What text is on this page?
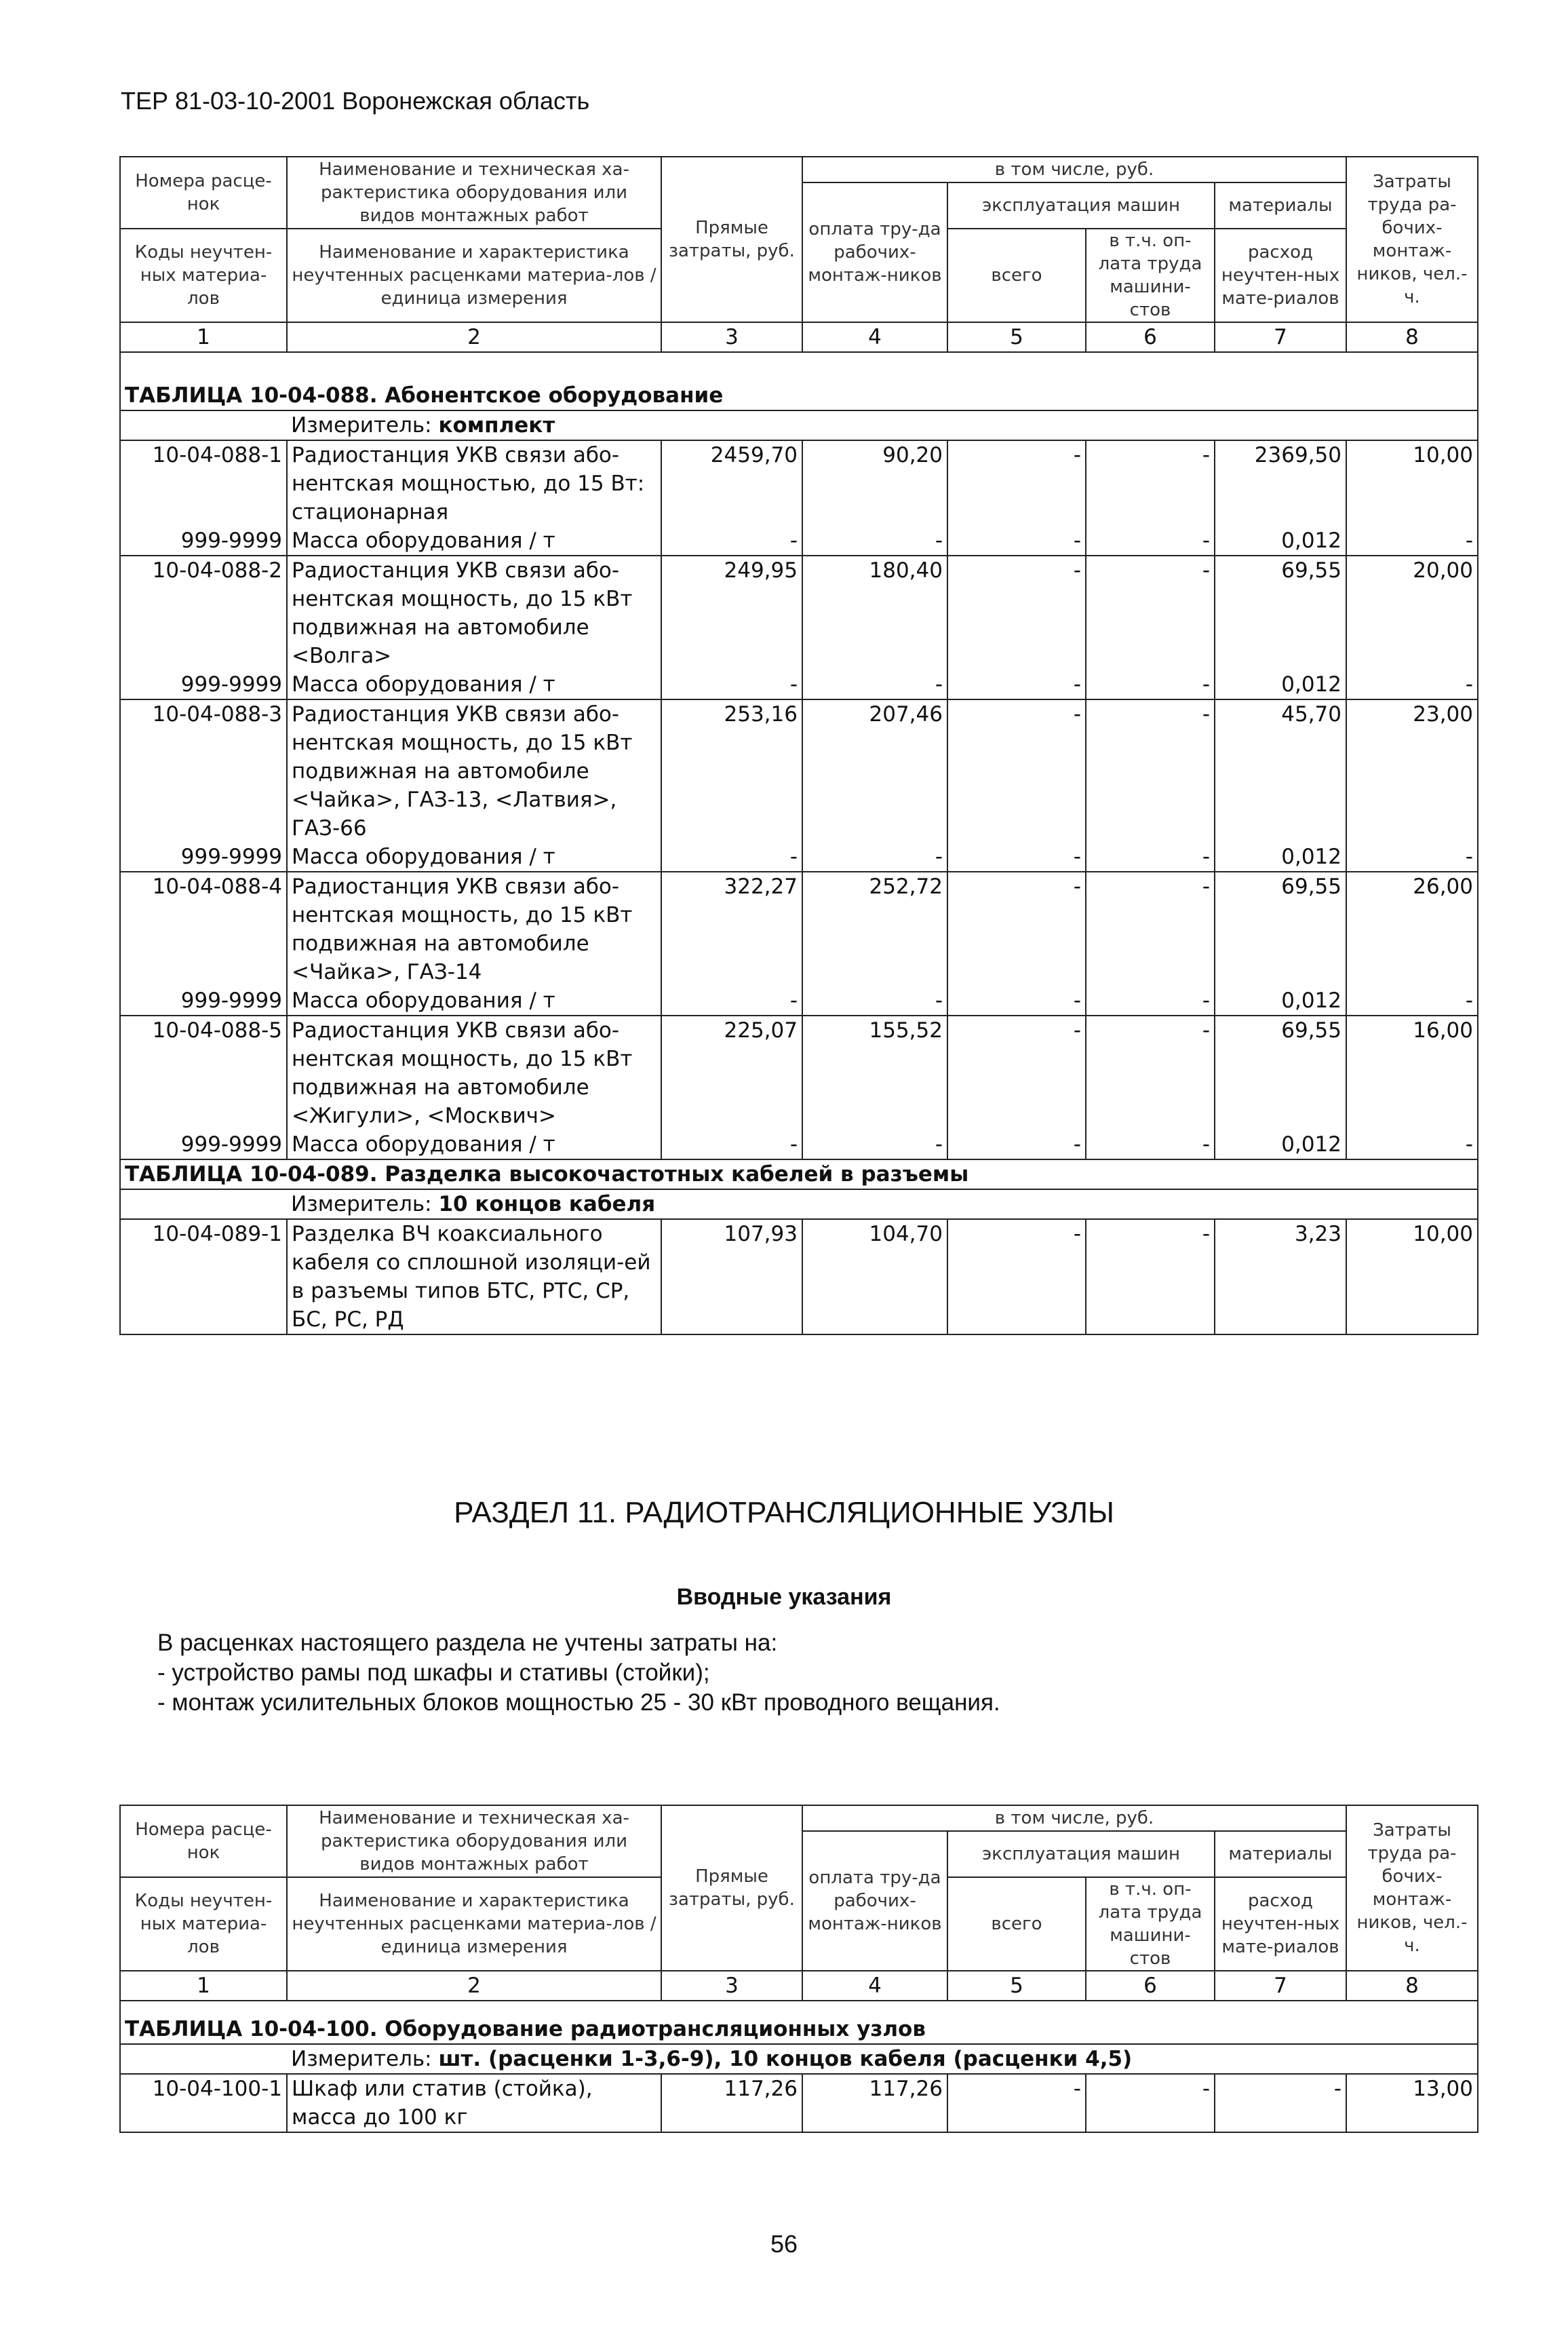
ТЕР 81-03-10-2001 Воронежская область
Номера расце-нок	Наименование и техническая ха-рактеристика оборудования или видов монтажных работ	Прямые затраты, руб.	в том числе, руб.				Затраты труда ра-бочих-монтаж-ников, чел.-ч.
			оплата тру-да рабочих-монтаж-ников	эксплуатация машин		материалы	
Коды неучтен-ных материа-лов	Наименование и характеристика неучтенных расценками материа-лов / единица измерения			всего	в т.ч. оп-лата труда машини-стов	расход неучтен-ных мате-риалов	

1	2	3	4	5	6	7	8
ТАБЛИЦА 10-04-088. Абонентское оборудование							
Измеритель: комплект							
10-04-088-1	Радиостанция УКВ связи або-нентская мощностью, до 15 Вт: стационарная	2459,70	90,20	-	-	2369,50	10,00
999-9999	Масса оборудования / т	-	-	-	-	0,012	-
10-04-088-2	Радиостанция УКВ связи або-нентская мощность, до 15 кВт подвижная на автомобиле <Волга>	249,95	180,40	-	-	69,55	20,00
999-9999	Масса оборудования / т	-	-	-	-	0,012	-
10-04-088-3	Радиостанция УКВ связи або-нентская мощность, до 15 кВт подвижная на автомобиле <Чайка>, ГАЗ-13, <Латвия>, ГАЗ-66	253,16	207,46	-	-	45,70	23,00
999-9999	Масса оборудования / т	-	-	-	-	0,012	-
10-04-088-4	Радиостанция УКВ связи або-нентская мощность, до 15 кВт подвижная на автомобиле <Чайка>, ГАЗ-14	322,27	252,72	-	-	69,55	26,00
999-9999	Масса оборудования / т	-	-	-	-	0,012	-
10-04-088-5	Радиостанция УКВ связи або-нентская мощность, до 15 кВт подвижная на автомобиле <Жигули>, <Москвич>	225,07	155,52	-	-	69,55	16,00
999-9999	Масса оборудования / т	-	-	-	-	0,012	-
ТАБЛИЦА 10-04-089. Разделка высокочастотных кабелей в разъемы							
Измеритель: 10 концов кабеля							
10-04-089-1	Разделка ВЧ коаксиального кабеля со сплошной изоляци-ей в разъемы типов БТС, РТС, СР, БС, РС, РД	107,93	104,70	-	-	3,23	10,00

РАЗДЕЛ 11. РАДИОТРАНСЛЯЦИОННЫЕ УЗЛЫ
Вводные указания
В расценках настоящего раздела не учтены затраты на:
- устройство рамы под шкафы и стативы (стойки);
- монтаж усилительных блоков мощностью 25 - 30 кВт проводного вещания.
Номера расце-нок	Наименование и техническая ха-рактеристика оборудования или видов монтажных работ	Прямые затраты, руб.	в том числе, руб.				Затраты труда ра-бочих-монтаж-ников, чел.-ч.
			оплата тру-да рабочих-монтаж-ников	эксплуатация машин		материалы	
Коды неучтен-ных материа-лов	Наименование и характеристика неучтенных расценками материа-лов / единица измерения			всего	в т.ч. оп-лата труда машини-стов	расход неучтен-ных мате-риалов	

1	2	3	4	5	6	7	8
ТАБЛИЦА 10-04-100. Оборудование радиотрансляционных узлов							
Измеритель: шт. (расценки 1-3,6-9), 10 концов кабеля (расценки 4,5)							
10-04-100-1	Шкаф или статив (стойка), масса до 100 кг	117,26	117,26	-	-	-	13,00
56
